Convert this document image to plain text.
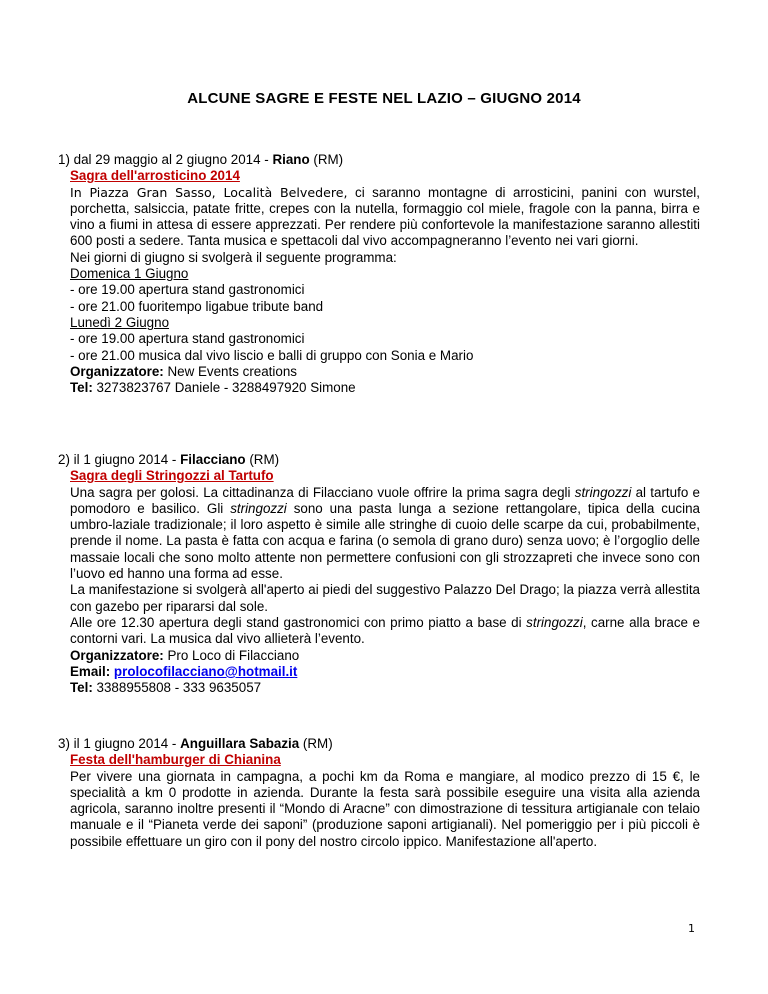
ALCUNE SAGRE E FESTE NEL LAZIO – GIUGNO 2014
1) dal 29 maggio al 2 giugno 2014 - Riano (RM)
Sagra dell'arrosticino 2014

In Piazza Gran Sasso, Località Belvedere, ci saranno montagne di arrosticini, panini con wurstel, porchetta, salsiccia, patate fritte, crepes con la nutella, formaggio col miele, fragole con la panna, birra e vino a fiumi in attesa di essere apprezzati. Per rendere più confortevole la manifestazione saranno allestiti 600 posti a sedere. Tanta musica e spettacoli dal vivo accompagneranno l’evento nei vari giorni.

Nei giorni di giugno si svolgerà il seguente programma:
Domenica 1 Giugno
- ore 19.00 apertura stand gastronomici
- ore 21.00 fuoritempo ligabue tribute band
Lunedì 2 Giugno
- ore 19.00 apertura stand gastronomici
- ore 21.00 musica dal vivo liscio e balli di gruppo con Sonia e Mario
Organizzatore: New Events creations
Tel: 3273823767 Daniele - 3288497920 Simone
2) il 1 giugno 2014 - Filacciano (RM)
Sagra degli Stringozzi al Tartufo

Una sagra per golosi. La cittadinanza di Filacciano vuole offrire la prima sagra degli stringozzi al tartufo e pomodoro e basilico. Gli stringozzi sono una pasta lunga a sezione rettangolare, tipica della cucina umbro-laziale tradizionale; il loro aspetto è simile alle stringhe di cuoio delle scarpe da cui, probabilmente, prende il nome. La pasta è fatta con acqua e farina (o semola di grano duro) senza uovo; è l’orgoglio delle massaie locali che sono molto attente non permettere confusioni con gli strozzapreti che invece sono con l’uovo ed hanno una forma ad esse.

La manifestazione si svolgerà all'aperto ai piedi del suggestivo Palazzo Del Drago; la piazza verrà allestita con gazebo per ripararsi dal sole.

Alle ore 12.30 apertura degli stand gastronomici con primo piatto a base di stringozzi, carne alla brace e contorni vari. La musica dal vivo allieterà l’evento.

Organizzatore: Pro Loco di Filacciano
Email: prolocofilacciano@hotmail.it
Tel: 3388955808 - 333 9635057
3) il 1 giugno 2014 - Anguillara Sabazia (RM)
Festa dell'hamburger di Chianina

Per vivere una giornata in campagna, a pochi km da Roma e mangiare, al modico prezzo di 15 €, le specialità a km 0 prodotte in azienda. Durante la festa sarà possibile eseguire una visita alla azienda agricola, saranno inoltre presenti il “Mondo di Aracne” con dimostrazione di tessitura artigianale con telaio manuale e il “Pianeta verde dei saponi” (produzione saponi artigianali). Nel pomeriggio per i più piccoli è possibile effettuare un giro con il pony del nostro circolo ippico. Manifestazione all'aperto.

1
